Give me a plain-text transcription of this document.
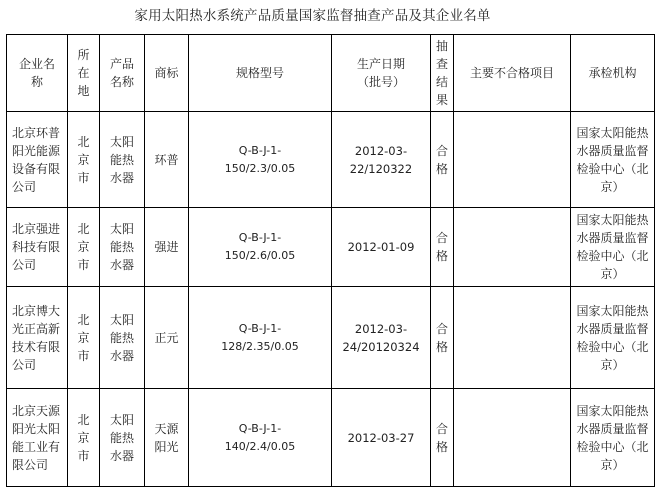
家用太阳热水系统产品质量国家监督抽查产品及其企业名单
企业名称	所在地	产品名称	商标	规格型号	生产日期（批号）	抽查结果	主要不合格项目	承检机构
北京环普阳光能源设备有限公司	北京市	太阳能热水器	环普	Q-B-J-1-150/2.3/0.05	2012-03-22/120322	合格		国家太阳能热水器质量监督检验中心（北京）
北京强进科技有限公司	北京市	太阳能热水器	强进	Q-B-J-1-150/2.6/0.05	2012-01-09	合格		国家太阳能热水器质量监督检验中心（北京）
北京博大光正高新技术有限公司	北京市	太阳能热水器	正元	Q-B-J-1-128/2.35/0.05	2012-03-24/20120324	合格		国家太阳能热水器质量监督检验中心（北京）
北京天源阳光太阳能工业有限公司	北京市	太阳能热水器	天源阳光	Q-B-J-1-140/2.4/0.05	2012-03-27	合格		国家太阳能热水器质量监督检验中心（北京）
